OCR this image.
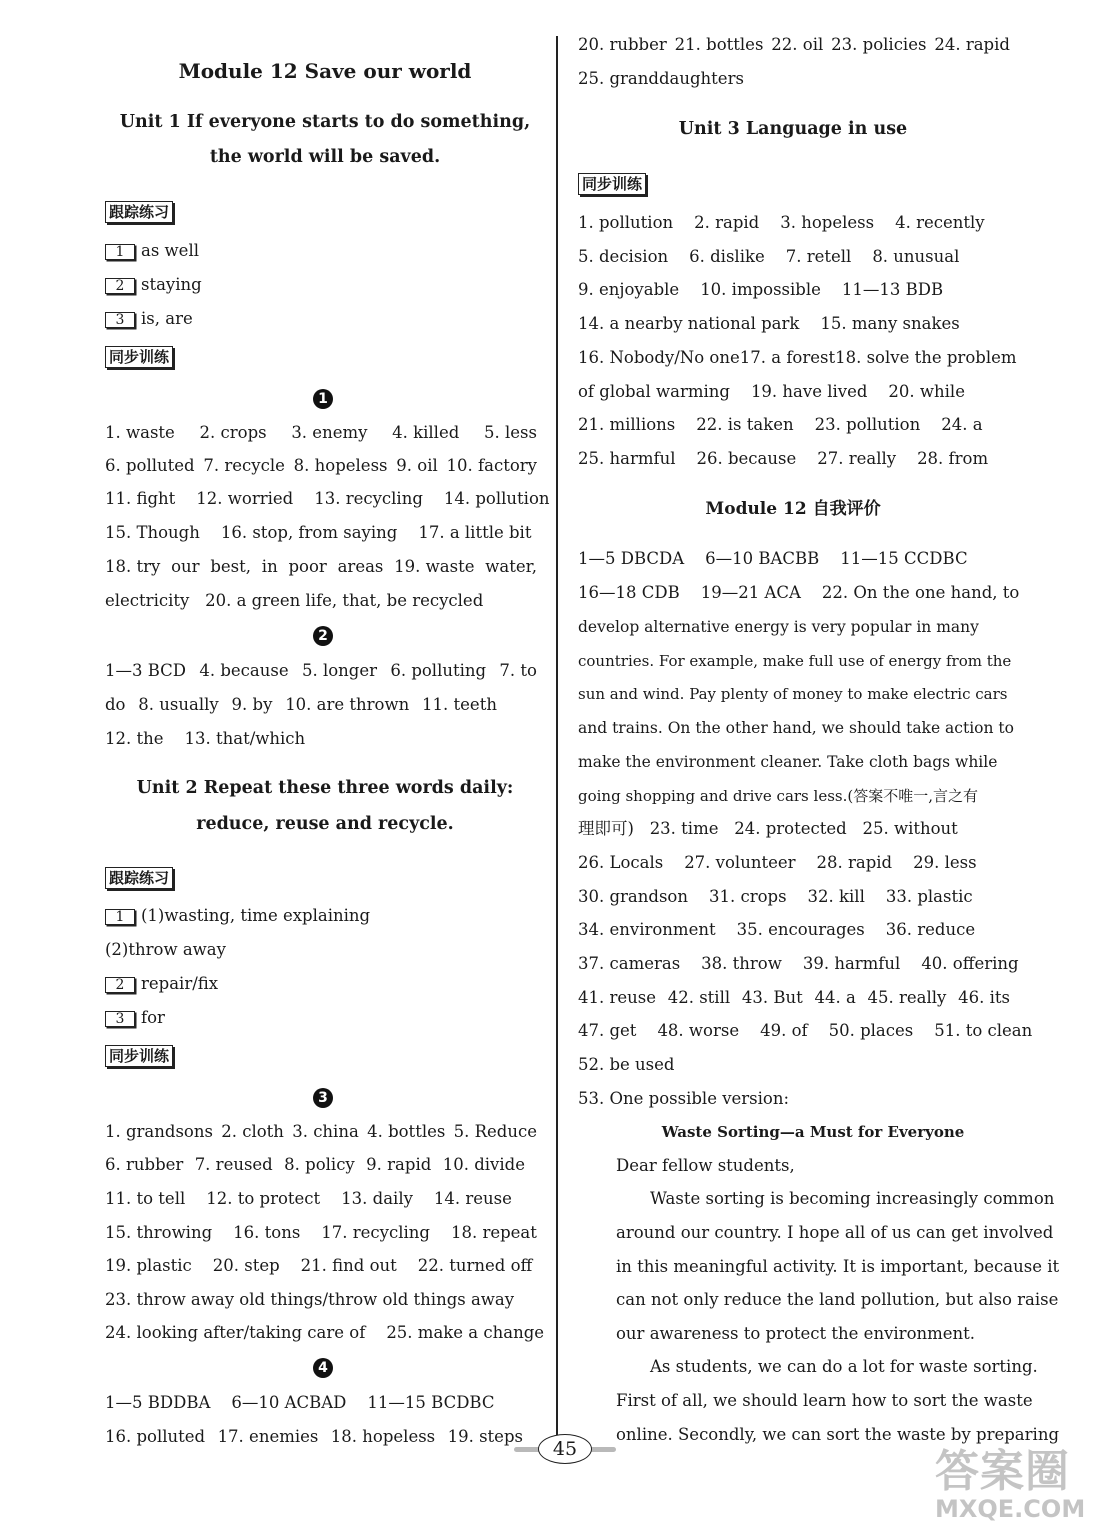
Module 12 Save our world
Unit 1 If everyone starts to do something,
the world will be saved.
跟踪练习
1 as well
2 staying
3 is, are
同步训练
1
1. waste 2. crops 3. enemy 4. killed 5. less
6. polluted 7. recycle 8. hopeless 9. oil 10. factory
11. fight 12. worried 13. recycling 14. pollution
15. Though 16. stop, from saying 17. a little bit
18. try our best, in poor areas 19. waste water,
electricity 20. a green life, that, be recycled
2
1—3 BCD 4. because 5. longer 6. polluting 7. to
do 8. usually 9. by 10. are thrown 11. teeth
12. the 13. that/which
Unit 2 Repeat these three words daily:
reduce, reuse and recycle.
跟踪练习
1 (1)wasting, time explaining
(2)throw away
2 repair/fix
3 for
同步训练
3
1. grandsons 2. cloth 3. china 4. bottles 5. Reduce
6. rubber 7. reused 8. policy 9. rapid 10. divide
11. to tell 12. to protect 13. daily 14. reuse
15. throwing 16. tons 17. recycling 18. repeat
19. plastic 20. step 21. find out 22. turned off
23. throw away old things/throw old things away
24. looking after/taking care of 25. make a change
4
1—5 BDDBA 6—10 ACBAD 11—15 BCDBC
16. polluted 17. enemies 18. hopeless 19. steps
20. rubber 21. bottles 22. oil 23. policies 24. rapid
25. granddaughters
Unit 3 Language in use
同步训练
1. pollution 2. rapid 3. hopeless 4. recently
5. decision 6. dislike 7. retell 8. unusual
9. enjoyable 10. impossible 11—13 BDB
14. a nearby national park 15. many snakes
16. Nobody/No one 17. a forest 18. solve the problem
of global warming 19. have lived 20. while
21. millions 22. is taken 23. pollution 24. a
25. harmful 26. because 27. really 28. from
Module 12 自我评价
1—5 DBCDA 6—10 BACBB 11—15 CCDBC
16—18 CDB 19—21 ACA 22. On the one hand, to
develop alternative energy is very popular in many
countries. For example, make full use of energy from the
sun and wind. Pay plenty of money to make electric cars
and trains. On the other hand, we should take action to
make the environment cleaner. Take cloth bags while
going shopping and drive cars less.(答案不唯一,言之有
理即可) 23. time 24. protected 25. without
26. Locals 27. volunteer 28. rapid 29. less
30. grandson 31. crops 32. kill 33. plastic
34. environment 35. encourages 36. reduce
37. cameras 38. throw 39. harmful 40. offering
41. reuse 42. still 43. But 44. a 45. really 46. its
47. get 48. worse 49. of 50. places 51. to clean
52. be used
53. One possible version:
Waste Sorting—a Must for Everyone
Dear fellow students,
Waste sorting is becoming increasingly common
around our country. I hope all of us can get involved
in this meaningful activity. It is important, because it
can not only reduce the land pollution, but also raise
our awareness to protect the environment.
As students, we can do a lot for waste sorting.
First of all, we should learn how to sort the waste
online. Secondly, we can sort the waste by preparing
45	答案圈
MXQE.COM
